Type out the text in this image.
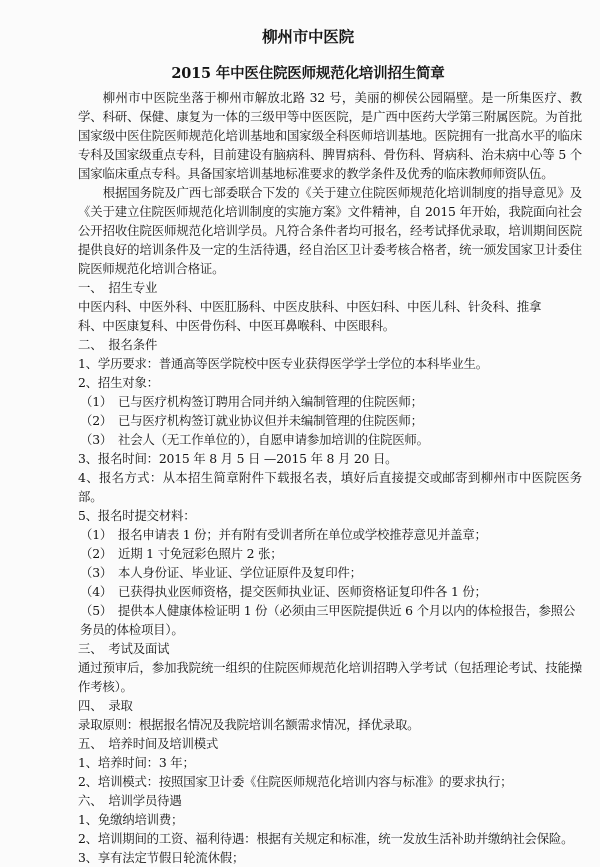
柳州市中医院
2015 年中医住院医师规范化培训招生简章

柳州市中医院坐落于柳州市解放北路 32 号，美丽的柳侯公园隔壁。是一所集医疗、教学、科研、保健、康复为一体的三级甲等中医医院，是广西中医药大学第三附属医院。为首批国家级中医住院医师规范化培训基地和国家级全科医师培训基地。医院拥有一批高水平的临床专科及国家级重点专科，目前建设有脑病科、脾胃病科、骨伤科、肾病科、治未病中心等 5 个国家临床重点专科。具备国家培训基地标准要求的教学条件及优秀的临床教师师资队伍。

根据国务院及广西七部委联合下发的《关于建立住院医师规范化培训制度的指导意见》及《关于建立住院医师规范化培训制度的实施方案》文件精神，自 2015 年开始，我院面向社会公开招收住院医师规范化培训学员。凡符合条件者均可报名，经考试择优录取，培训期间医院提供良好的培训条件及一定的生活待遇，经自治区卫计委考核合格者，统一颁发国家卫计委住院医师规范化培训合格证。

一、　招生专业

中医内科、中医外科、中医肛肠科、中医皮肤科、中医妇科、中医儿科、针灸科、推拿

科、中医康复科、中医骨伤科、中医耳鼻喉科、中医眼科。

二、　报名条件

1、学历要求：普通高等医学院校中医专业获得医学学士学位的本科毕业生。

2、招生对象：

（1）　已与医疗机构签订聘用合同并纳入编制管理的住院医师；

（2）　已与医疗机构签订就业协议但并未编制管理的住院医师；

（3）　社会人（无工作单位的），自愿申请参加培训的住院医师。

3、报名时间：2015 年 8 月 5 日 —2015 年 8 月 20 日。

4、报名方式：从本招生简章附件下载报名表，填好后直接提交或邮寄到柳州市中医院医务部。

5、报名时提交材料：

（1）　报名申请表 1 份；并有附有受训者所在单位或学校推荐意见并盖章；

（2）　近期 1 寸免冠彩色照片 2 张；

（3）　本人身份证、毕业证、学位证原件及复印件；

（4）　已获得执业医师资格，提交医师执业证、医师资格证复印件各 1 份；

（5）　提供本人健康体检证明 1 份（必须由三甲医院提供近 6 个月以内的体检报告，参照公务员的体检项目）。

三、　考试及面试

通过预审后，参加我院统一组织的住院医师规范化培训招聘入学考试（包括理论考试、技能操作考核）。

四、　录取

录取原则：根据报名情况及我院培训名额需求情况，择优录取。

五、　培养时间及培训模式

1、培养时间：3 年；

2、培训模式：按照国家卫计委《住院医师规范化培训内容与标准》的要求执行；

六、　培训学员待遇

1、免缴纳培训费；

2、培训期间的工资、福利待遇：根据有关规定和标准，统一发放生活补助并缴纳社会保险。

3、享有法定节假日轮流休假；
